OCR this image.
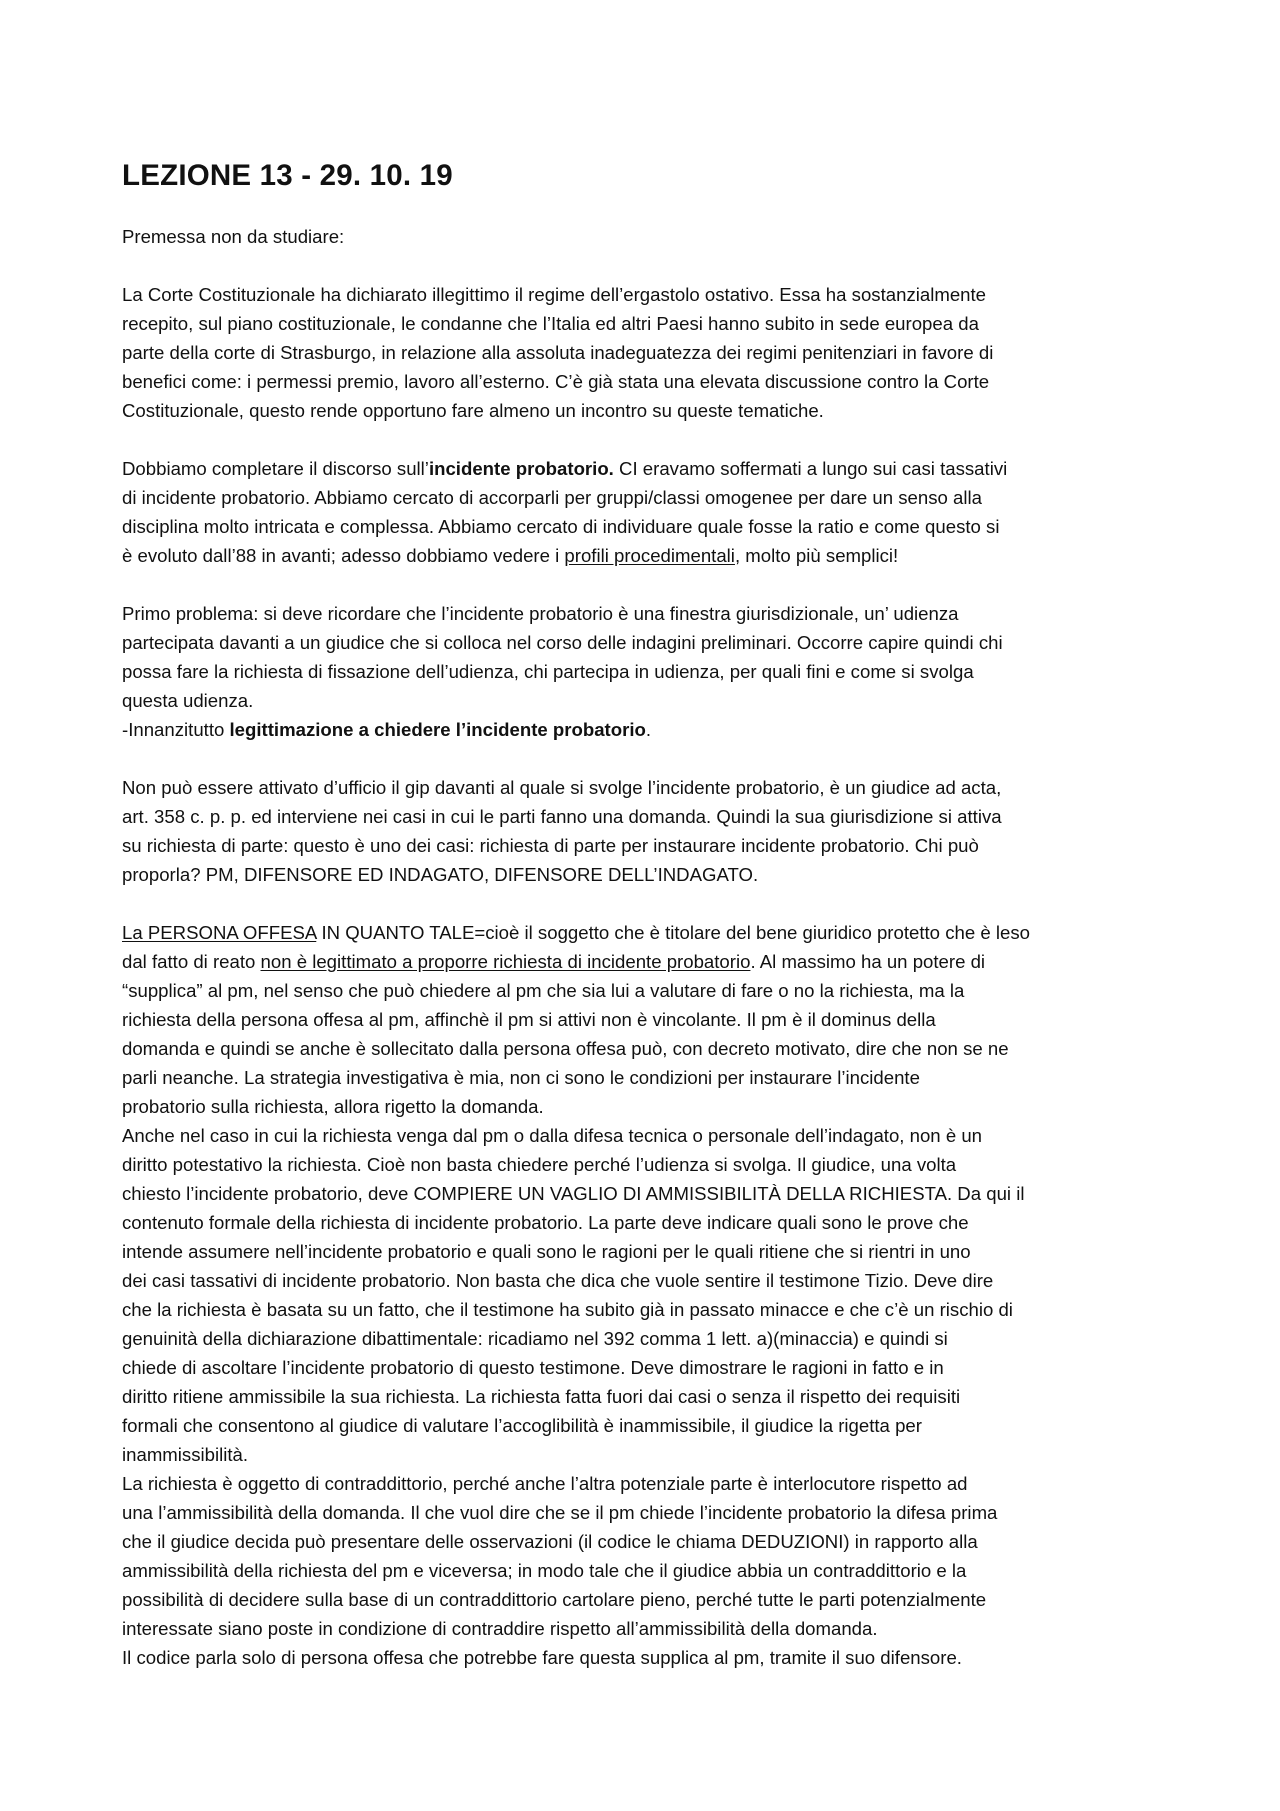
LEZIONE 13 - 29. 10. 19

Premessa non da studiare:

La Corte Costituzionale ha dichiarato illegittimo il regime dell’ergastolo ostativo. Essa ha sostanzialmente
recepito, sul piano costituzionale, le condanne che l’Italia ed altri Paesi hanno subito in sede europea da
parte della corte di Strasburgo, in relazione alla assoluta inadeguatezza dei regimi penitenziari in favore di
benefici come: i permessi premio, lavoro all’esterno. C’è già stata una elevata discussione contro la Corte
Costituzionale, questo rende opportuno fare almeno un incontro su queste tematiche.

Dobbiamo completare il discorso sull’incidente probatorio. CI eravamo soffermati a lungo sui casi tassativi
di incidente probatorio. Abbiamo cercato di accorparli per gruppi/classi omogenee per dare un senso alla
disciplina molto intricata e complessa. Abbiamo cercato di individuare quale fosse la ratio e come questo si
è evoluto dall’88 in avanti; adesso dobbiamo vedere i profili procedimentali, molto più semplici!

Primo problema: si deve ricordare che l’incidente probatorio è una finestra giurisdizionale, un’ udienza
partecipata davanti a un giudice che si colloca nel corso delle indagini preliminari. Occorre capire quindi chi
possa fare la richiesta di fissazione dell’udienza, chi partecipa in udienza, per quali fini e come si svolga
questa udienza.
-Innanzitutto legittimazione a chiedere l’incidente probatorio.

Non può essere attivato d’ufficio il gip davanti al quale si svolge l’incidente probatorio, è un giudice ad acta,
art. 358 c. p. p. ed interviene nei casi in cui le parti fanno una domanda. Quindi la sua giurisdizione si attiva
su richiesta di parte: questo è uno dei casi: richiesta di parte per instaurare incidente probatorio. Chi può
proporla? PM, DIFENSORE ED INDAGATO, DIFENSORE DELL’INDAGATO.

La PERSONA OFFESA IN QUANTO TALE=cioè il soggetto che è titolare del bene giuridico protetto che è leso
dal fatto di reato non è legittimato a proporre richiesta di incidente probatorio. Al massimo ha un potere di
“supplica” al pm, nel senso che può chiedere al pm che sia lui a valutare di fare o no la richiesta, ma la
richiesta della persona offesa al pm, affinchè il pm si attivi non è vincolante. Il pm è il dominus della
domanda e quindi se anche è sollecitato dalla persona offesa può, con decreto motivato, dire che non se ne
parli neanche. La strategia investigativa è mia, non ci sono le condizioni per instaurare l’incidente
probatorio sulla richiesta, allora rigetto la domanda.
Anche nel caso in cui la richiesta venga dal pm o dalla difesa tecnica o personale dell’indagato, non è un
diritto potestativo la richiesta. Cioè non basta chiedere perché l’udienza si svolga. Il giudice, una volta
chiesto l’incidente probatorio, deve COMPIERE UN VAGLIO DI AMMISSIBILITÀ DELLA RICHIESTA. Da qui il
contenuto formale della richiesta di incidente probatorio. La parte deve indicare quali sono le prove che
intende assumere nell’incidente probatorio e quali sono le ragioni per le quali ritiene che si rientri in uno
dei casi tassativi di incidente probatorio. Non basta che dica che vuole sentire il testimone Tizio. Deve dire
che la richiesta è basata su un fatto, che il testimone ha subito già in passato minacce e che c’è un rischio di
genuinità della dichiarazione dibattimentale: ricadiamo nel 392 comma 1 lett. a)(minaccia) e quindi si
chiede di ascoltare l’incidente probatorio di questo testimone. Deve dimostrare le ragioni in fatto e in
diritto ritiene ammissibile la sua richiesta. La richiesta fatta fuori dai casi o senza il rispetto dei requisiti
formali che consentono al giudice di valutare l’accoglibilità è inammissibile, il giudice la rigetta per
inammissibilità.
La richiesta è oggetto di contraddittorio, perché anche l’altra potenziale parte è interlocutore rispetto ad
una l’ammissibilità della domanda. Il che vuol dire che se il pm chiede l’incidente probatorio la difesa prima
che il giudice decida può presentare delle osservazioni (il codice le chiama DEDUZIONI) in rapporto alla
ammissibilità della richiesta del pm e viceversa; in modo tale che il giudice abbia un contraddittorio e la
possibilità di decidere sulla base di un contraddittorio cartolare pieno, perché tutte le parti potenzialmente
interessate siano poste in condizione di contraddire rispetto all’ammissibilità della domanda.
Il codice parla solo di persona offesa che potrebbe fare questa supplica al pm, tramite il suo difensore.
